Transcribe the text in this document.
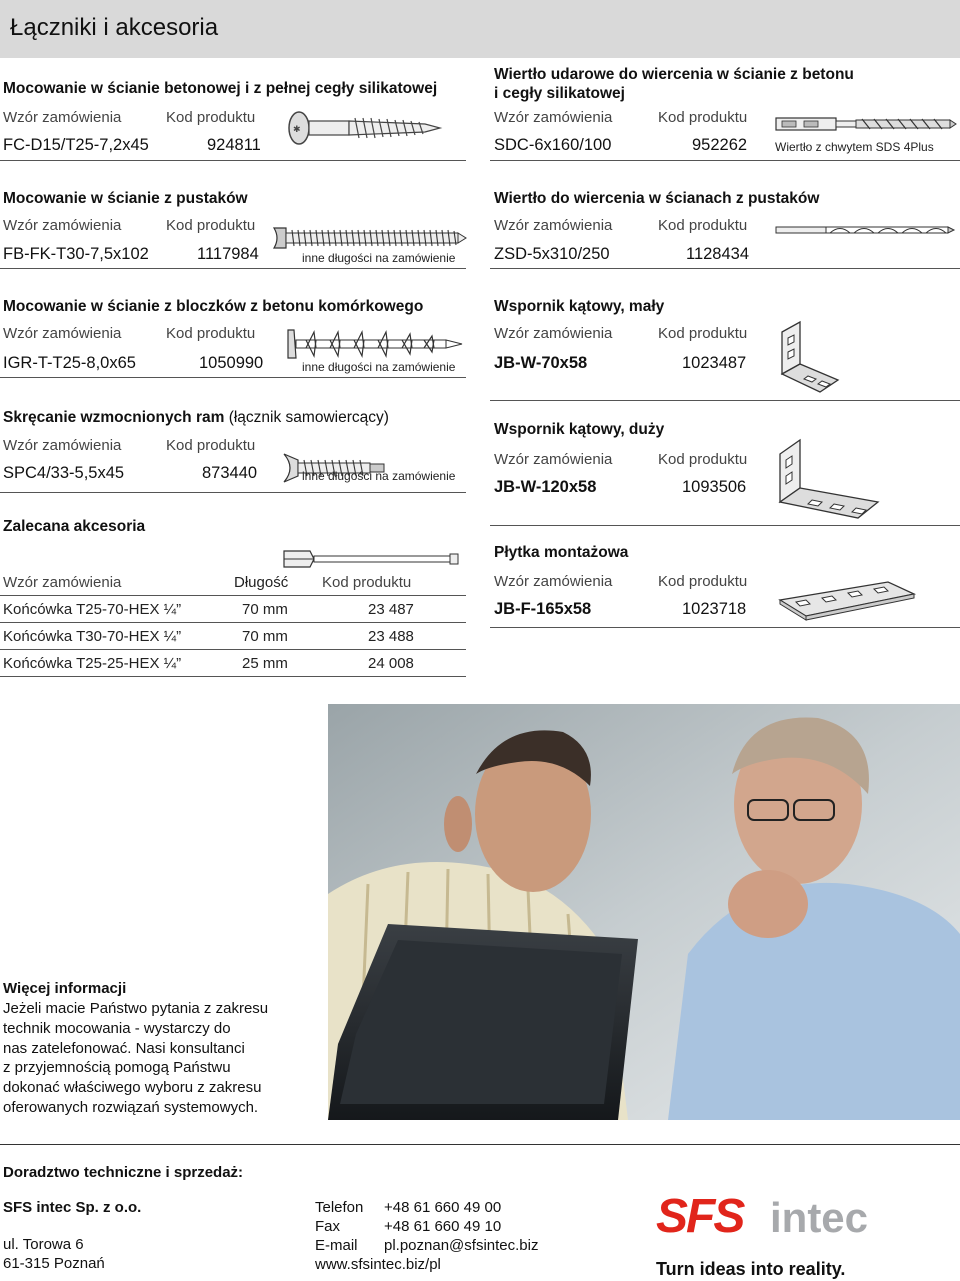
Łączniki i akcesoria
Mocowanie w ścianie betonowej i z pełnej cegły silikatowej
Wzór zamówienia	Kod produktu
FC-D15/T25-7,2x45	924811
✱
Mocowanie w ścianie z pustaków
Wzór zamówienia	Kod produktu
FB-FK-T30-7,5x102	1117984	inne długości na zamówienie
Mocowanie w ścianie z bloczków z betonu komórkowego
Wzór zamówienia	Kod produktu
IGR-T-T25-8,0x65	1050990	inne długości na zamówienie
Skręcanie wzmocnionych ram (łącznik samowiercący)
Wzór zamówienia	Kod produktu
SPC4/33-5,5x45	873440	inne długości na zamówienie
Zalecana akcesoria
Wzór zamówienia	Długość Kod produktu
Końcówka T25-70-HEX ¼”	70 mm	23 487
Końcówka T30-70-HEX ¼”	70 mm	23 488
Końcówka T25-25-HEX ¼”	25 mm	24 008
Wiertło udarowe do wiercenia w ścianie z betonu
i cegły silikatowej
Wzór zamówienia	Kod produktu
SDC-6x160/100	952262 Wiertło z chwytem SDS 4Plus
Wiertło do wiercenia w ścianach z pustaków
Wzór zamówienia	Kod produktu
ZSD-5x310/250	1128434
Wspornik kątowy, mały
Wzór zamówienia	Kod produktu
JB-W-70x58	1023487
Wspornik kątowy, duży
Wzór zamówienia	Kod produktu
JB-W-120x58	1093506
Płytka montażowa
Wzór zamówienia	Kod produktu
JB-F-165x58	1023718
Więcej informacji
Jeżeli macie Państwo pytania z zakresu
technik mocowania - wystarczy do
nas zatelefonować. Nasi konsultanci
z przyjemnością pomogą Państwu
dokonać właściwego wyboru z zakresu
oferowanych rozwiązań systemowych.
Doradztwo techniczne i sprzedaż:
SFS intec Sp. z o.o.
ul. Torowa 6
61-315 Poznań
Telefon +48 61 660 49 00
Fax	+48 61 660 49 10
E-mail pl.poznan@sfsintec.biz
www.sfsintec.biz/pl
SFS intec
Turn ideas into reality.
